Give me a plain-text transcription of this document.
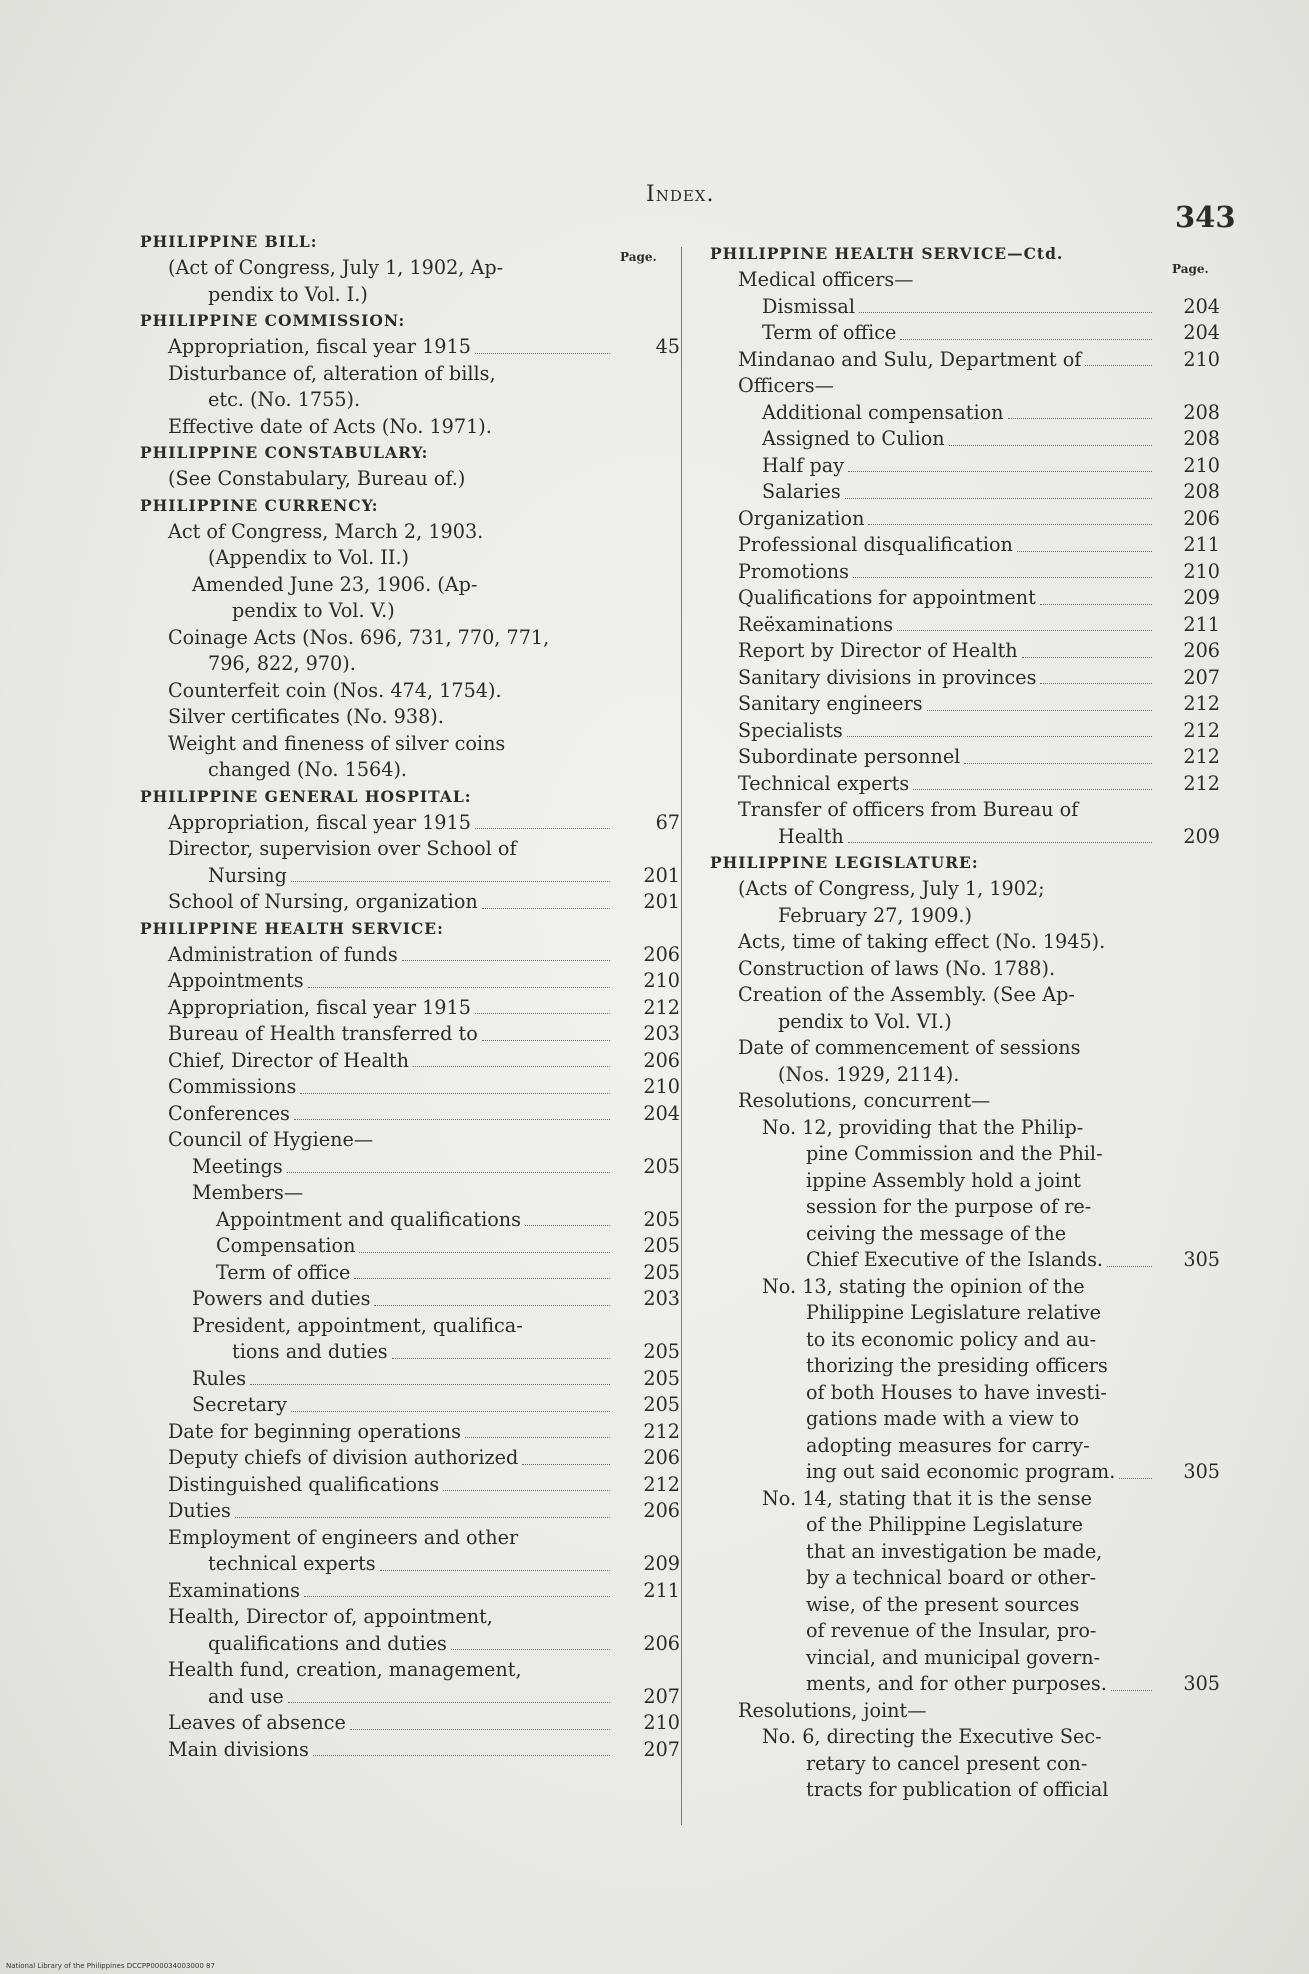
Index.
343
Page.
Page.
PHILIPPINE BILL:
(Act of Congress, July 1, 1902, Ap-
pendix to Vol. I.)
PHILIPPINE COMMISSION:
Appropriation, fiscal year 1915	45
Disturbance of, alteration of bills,
etc. (No. 1755).
Effective date of Acts (No. 1971).
PHILIPPINE CONSTABULARY:
(See Constabulary, Bureau of.)
PHILIPPINE CURRENCY:
Act of Congress, March 2, 1903.
(Appendix to Vol. II.)
Amended June 23, 1906. (Ap-
pendix to Vol. V.)
Coinage Acts (Nos. 696, 731, 770, 771,
796, 822, 970).
Counterfeit coin (Nos. 474, 1754).
Silver certificates (No. 938).
Weight and fineness of silver coins
changed (No. 1564).
PHILIPPINE GENERAL HOSPITAL:
Appropriation, fiscal year 1915	67
Director, supervision over School of
Nursing	201
School of Nursing, organization	201
PHILIPPINE HEALTH SERVICE:
Administration of funds	206
Appointments	210
Appropriation, fiscal year 1915	212
Bureau of Health transferred to	203
Chief, Director of Health	206
Commissions	210
Conferences	204
Council of Hygiene—
Meetings	205
Members—
Appointment and qualifications	205
Compensation	205
Term of office	205
Powers and duties	203
President, appointment, qualifica-
tions and duties	205
Rules	205
Secretary	205
Date for beginning operations	212
Deputy chiefs of division authorized	206
Distinguished qualifications	212
Duties	206
Employment of engineers and other
technical experts	209
Examinations	211
Health, Director of, appointment,
qualifications and duties	206
Health fund, creation, management,
and use	207
Leaves of absence	210
Main divisions	207
PHILIPPINE HEALTH SERVICE—Ctd.
Medical officers—
Dismissal	204
Term of office	204
Mindanao and Sulu, Department of	210
Officers—
Additional compensation	208
Assigned to Culion	208
Half pay	210
Salaries	208
Organization	206
Professional disqualification	211
Promotions	210
Qualifications for appointment	209
Reëxaminations	211
Report by Director of Health	206
Sanitary divisions in provinces	207
Sanitary engineers	212
Specialists	212
Subordinate personnel	212
Technical experts	212
Transfer of officers from Bureau of
Health	209
PHILIPPINE LEGISLATURE:
(Acts of Congress, July 1, 1902;
February 27, 1909.)
Acts, time of taking effect (No. 1945).
Construction of laws (No. 1788).
Creation of the Assembly. (See Ap-
pendix to Vol. VI.)
Date of commencement of sessions
(Nos. 1929, 2114).
Resolutions, concurrent—
No. 12, providing that the Philip-
pine Commission and the Phil-
ippine Assembly hold a joint
session for the purpose of re-
ceiving the message of the
Chief Executive of the Islands.	305
No. 13, stating the opinion of the
Philippine Legislature relative
to its economic policy and au-
thorizing the presiding officers
of both Houses to have investi-
gations made with a view to
adopting measures for carry-
ing out said economic program.	305
No. 14, stating that it is the sense
of the Philippine Legislature
that an investigation be made,
by a technical board or other-
wise, of the present sources
of revenue of the Insular, pro-
vincial, and municipal govern-
ments, and for other purposes.	305
Resolutions, joint—
No. 6, directing the Executive Sec-
retary to cancel present con-
tracts for publication of official
National Library of the Philippines DCCPP000034003000 87
